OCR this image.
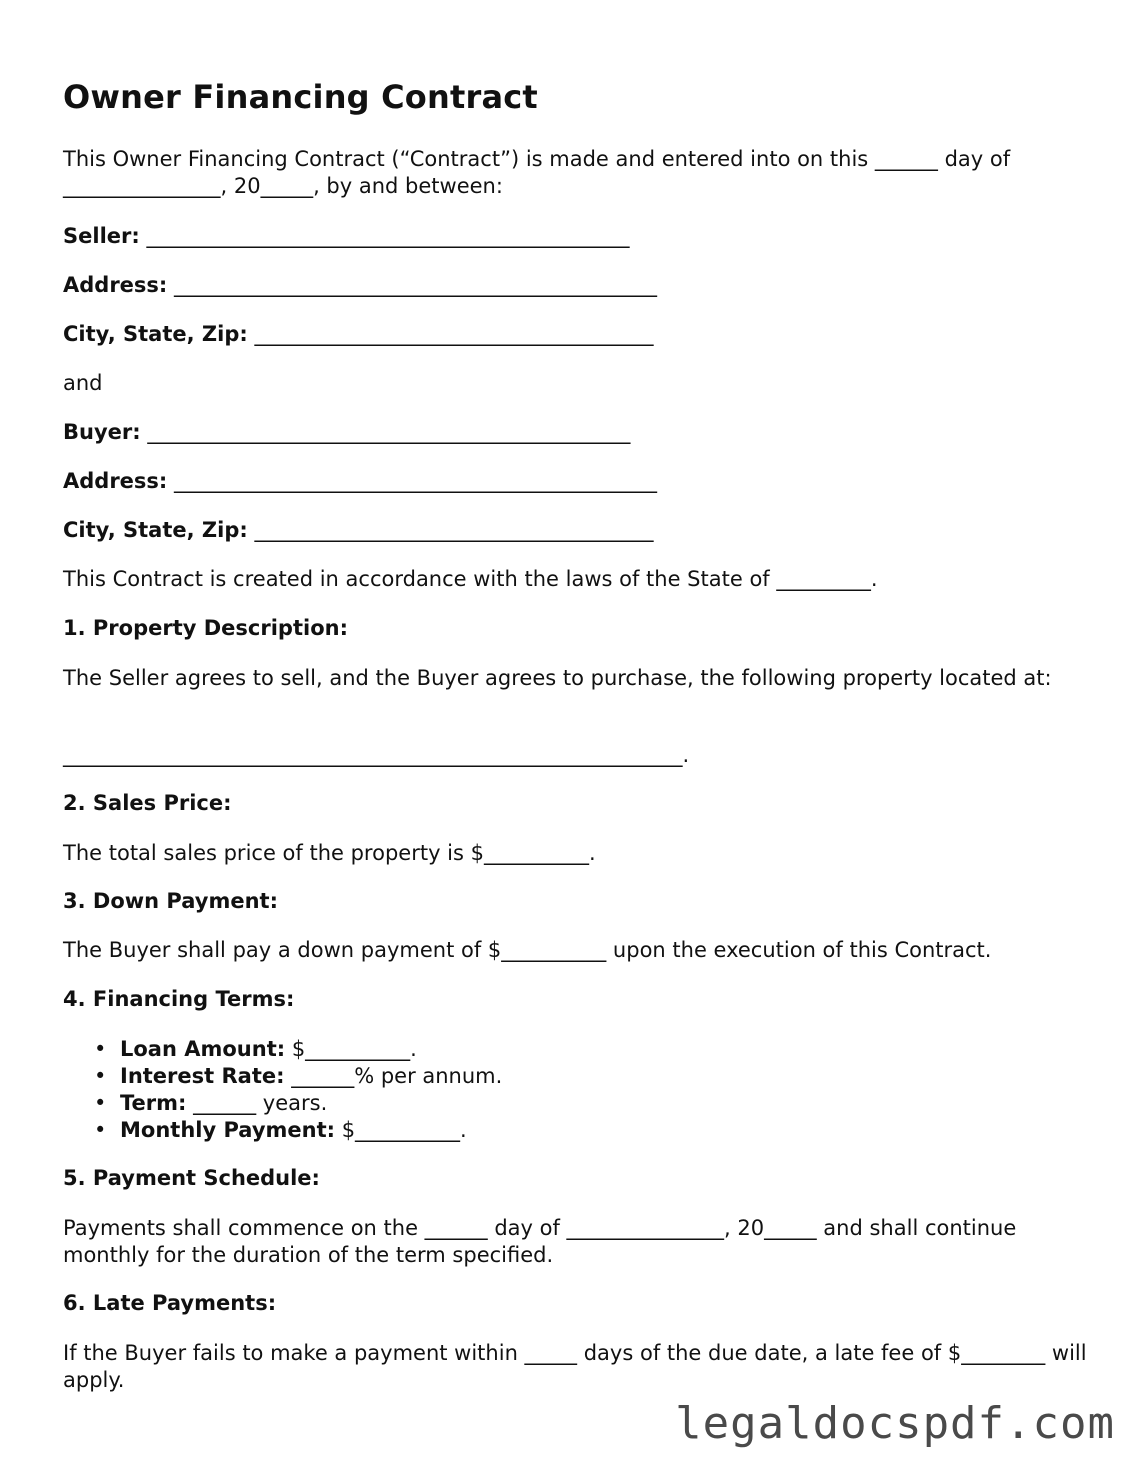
Owner Financing Contract

This Owner Financing Contract (“Contract”) is made and entered into on this ______ day of _______________, 20_____, by and between:

Seller: ______________________________________________

Address: ______________________________________________

City, State, Zip: ______________________________________

and

Buyer: ______________________________________________

Address: ______________________________________________

City, State, Zip: ______________________________________

This Contract is created in accordance with the laws of the State of _________.

1. Property Description:

The Seller agrees to sell, and the Buyer agrees to purchase, the following property located at:

___________________________________________________________.

2. Sales Price:

The total sales price of the property is $__________.

3. Down Payment:

The Buyer shall pay a down payment of $__________ upon the execution of this Contract.

4. Financing Terms:

• Loan Amount: $__________.
• Interest Rate: ______% per annum.
• Term: ______ years.
• Monthly Payment: $__________.

5. Payment Schedule:

Payments shall commence on the ______ day of _______________, 20_____ and shall continue monthly for the duration of the term specified.

6. Late Payments:

If the Buyer fails to make a payment within _____ days of the due date, a late fee of $________ will apply.

legaldocspdf.com
